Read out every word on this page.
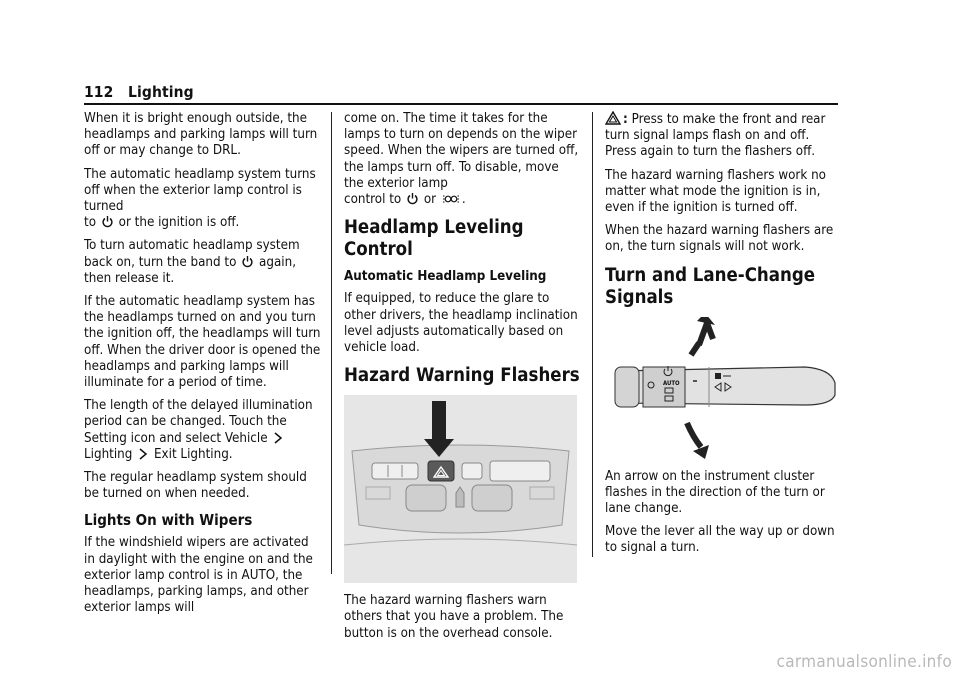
112 Lighting

When it is bright enough outside, the headlamps and parking lamps will turn off or may change to DRL.

The automatic headlamp system turns off when the exterior lamp control is turned
to or the ignition is off.

To turn automatic headlamp system back on, turn the band to again, then release it.

If the automatic headlamp system has the headlamps turned on and you turn the ignition off, the headlamps will turn off. When the driver door is opened the headlamps and parking lamps will illuminate for a period of time.

The length of the delayed illumination period can be changed. Touch the Setting icon and select Vehicle  Lighting Exit Lighting.

The regular headlamp system should be turned on when needed.

Lights On with Wipers

If the windshield wipers are activated in daylight with the engine on and the exterior lamp control is in AUTO, the headlamps, parking lamps, and other exterior lamps will

come on. The time it takes for the lamps to turn on depends on the wiper speed. When the wipers are turned off, the lamps turn off. To disable, move the exterior lamp
control to or .

Headlamp Leveling Control
Automatic Headlamp Leveling

If equipped, to reduce the glare to other drivers, the headlamp inclination level adjusts automatically based on vehicle load.

Hazard Warning Flashers

The hazard warning flashers warn others that you have a problem. The button is on the overhead console.

: Press to make the front and rear turn signal lamps flash on and off. Press again to turn the flashers off.

The hazard warning flashers work no matter what mode the ignition is in, even if the ignition is turned off.

When the hazard warning flashers are on, the turn signals will not work.

Turn and Lane-Change Signals
AUTO

An arrow on the instrument cluster flashes in the direction of the turn or lane change.

Move the lever all the way up or down to signal a turn.

carmanualsonline.info
